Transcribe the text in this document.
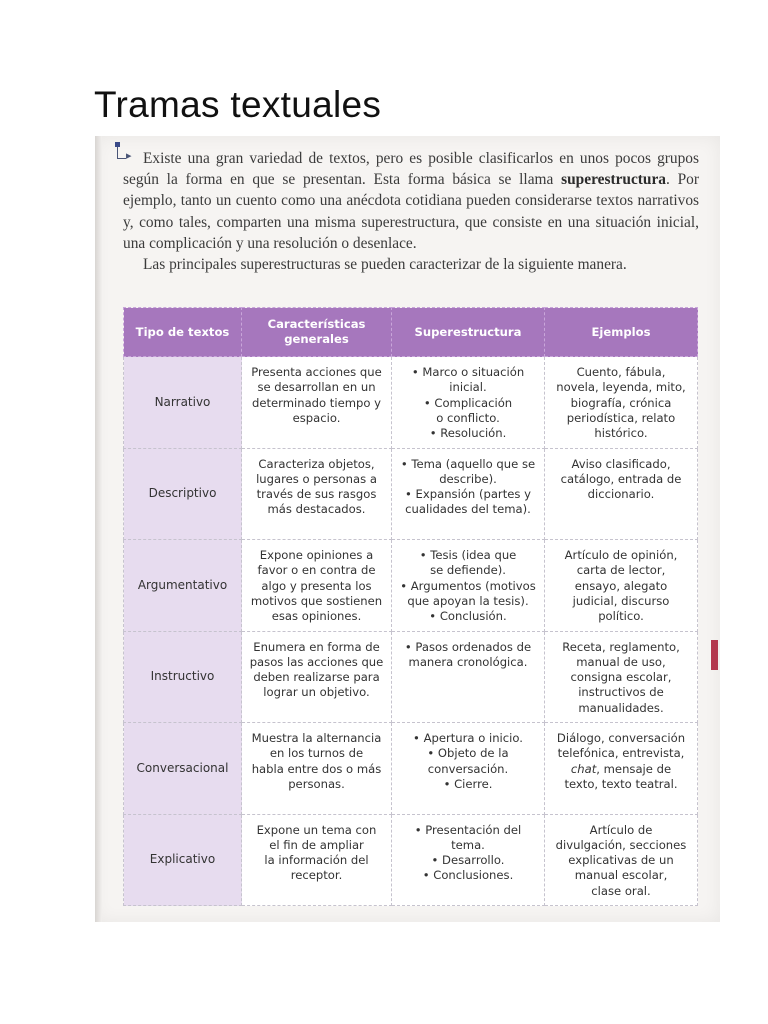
Tramas textuales
▸ Existe una gran variedad de textos, pero es posible clasificarlos en unos pocos grupos según la forma en que se presentan. Esta forma básica se llama superestructura. Por ejemplo, tanto un cuento como una anécdota cotidiana pueden considerarse textos narrativos y, como tales, comparten una misma superestructura, que consiste en una situación inicial, una complicación y una resolución o desenlace.
Las principales superestructuras se pueden caracterizar de la siguiente manera.

Tipo de textos	Características generales	Superestructura	Ejemplos
Narrativo	Presenta acciones que
se desarrollan en un
determinado tiempo y
espacio.	• Marco o situación
inicial.
• Complicación
o conflicto.
• Resolución.	Cuento, fábula,
novela, leyenda, mito,
biografía, crónica
periodística, relato
histórico.

Descriptivo	Caracteriza objetos,
lugares o personas a
través de sus rasgos
más destacados.	• Tema (aquello que se
describe).
• Expansión (partes y
cualidades del tema).	Aviso clasificado,
catálogo, entrada de
diccionario.

Argumentativo	Expone opiniones a
favor o en contra de
algo y presenta los
motivos que sostienen
esas opiniones.	• Tesis (idea que
se defiende).
• Argumentos (motivos
que apoyan la tesis).
• Conclusión.	Artículo de opinión,
carta de lector,
ensayo, alegato
judicial, discurso
político.

Instructivo	Enumera en forma de
pasos las acciones que
deben realizarse para
lograr un objetivo.	• Pasos ordenados de
manera cronológica.	Receta, reglamento,
manual de uso,
consigna escolar,
instructivos de
manualidades.

Conversacional	Muestra la alternancia
en los turnos de
habla entre dos o más
personas.	• Apertura o inicio.
• Objeto de la
conversación.
• Cierre.	Diálogo, conversación
telefónica, entrevista,
chat, mensaje de
texto, texto teatral.

Explicativo	Expone un tema con
el fin de ampliar
la información del
receptor.	• Presentación del
tema.
• Desarrollo.
• Conclusiones.	Artículo de
divulgación, secciones
explicativas de un
manual escolar,
clase oral.
